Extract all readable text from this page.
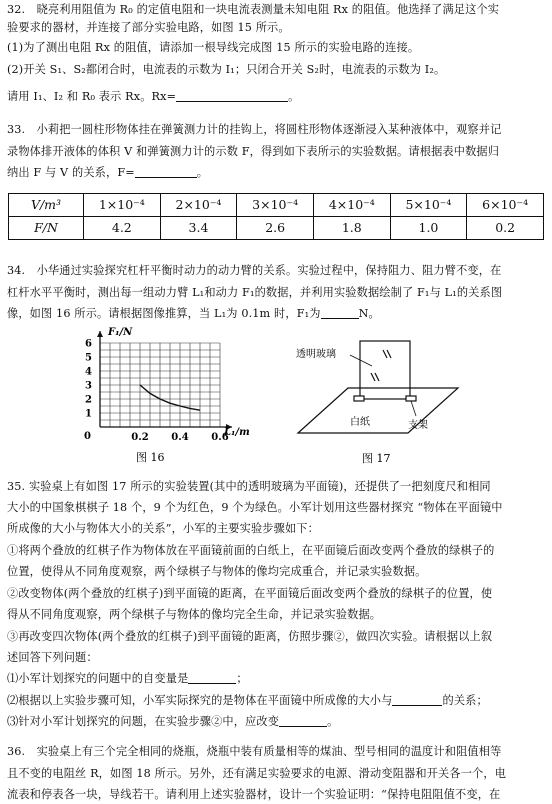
32.　晓亮利用阻值为 R₀ 的定值电阻和一块电流表测量未知电阻 Rx 的阻值。他选择了满足这个实
验要求的器材，并连接了部分实验电路，如图 15 所示。
(1)为了测出电阻 Rx 的阻值，请添加一根导线完成图 15 所示的实验电路的连接。
(2)开关 S₁、S₂都闭合时，电流表的示数为 I₁；只闭合开关 S₂时，电流表的示数为 I₂。
请用 I₁、I₂ 和 R₀ 表示 Rx。Rx=	。
33.　小莉把一圆柱形物体挂在弹簧测力计的挂钩上，将圆柱形物体逐渐浸入某种液体中，观察并记
录物体排开液体的体积 V 和弹簧测力计的示数 F，得到如下表所示的实验数据。请根据表中数据归
纳出 F 与 V 的关系，F=	。
V/m³	1×10⁻⁴	2×10⁻⁴	3×10⁻⁴	4×10⁻⁴	5×10⁻⁴	6×10⁻⁴
F/N	4.2	3.4	2.6	1.8	1.0	0.2
34.　小华通过实验探究杠杆平衡时动力的动力臂的关系。实验过程中，保持阻力、阻力臂不变，在
杠杆水平平衡时，测出每一组动力臂 L₁和动力 F₁的数据，并利用实验数据绘制了 F₁与 L₁的关系图
像，如图 16 所示。请根据图像推算，当 L₁为 0.1m 时，F₁为	N。
6
5
4
3
2
1
0	0.2 0.4 0.6
F₁/N
L₁/m
图 16
透明玻璃
白纸	支架
图 17
35. 实验桌上有如图 17 所示的实验装置(其中的透明玻璃为平面镜)，还提供了一把刻度尺和相同
大小的中国象棋棋子 18 个，9 个为红色，9 个为绿色。小军计划用这些器材探究 “物体在平面镜中
所成像的大小与物体大小的关系”，小军的主要实验步骤如下：
①将两个叠放的红棋子作为物体放在平面镜前面的白纸上，在平面镜后面改变两个叠放的绿棋子的
位置，使得从不同角度观察，两个绿棋子与物体的像均完成重合，并记录实验数据。
②改变物体(两个叠放的红棋子)到平面镜的距离，在平面镜后面改变两个叠放的绿棋子的位置，使
得从不同角度观察，两个绿棋子与物体的像均完全生命，并记录实验数据。
③再改变四次物体(两个叠放的红棋子)到平面镜的距离，仿照步骤②，做四次实验。请根据以上叙
述回答下列问题：
⑴小军计划探究的问题中的自变量是	；
⑵根据以上实验步骤可知，小军实际探究的是物体在平面镜中所成像的大小与	的关系；
⑶针对小军计划探究的问题，在实验步骤②中，应改变	。
36.　实验桌上有三个完全相同的烧瓶，烧瓶中装有质量相等的煤油、型号相同的温度计和阻值相等
且不变的电阻丝 R，如图 18 所示。另外，还有满足实验要求的电源、滑动变阻器和开关各一个，电
流表和停表各一块，导线若干。请利用上述实验器材，设计一个实验证明：“保持电阻阻值不变，在
